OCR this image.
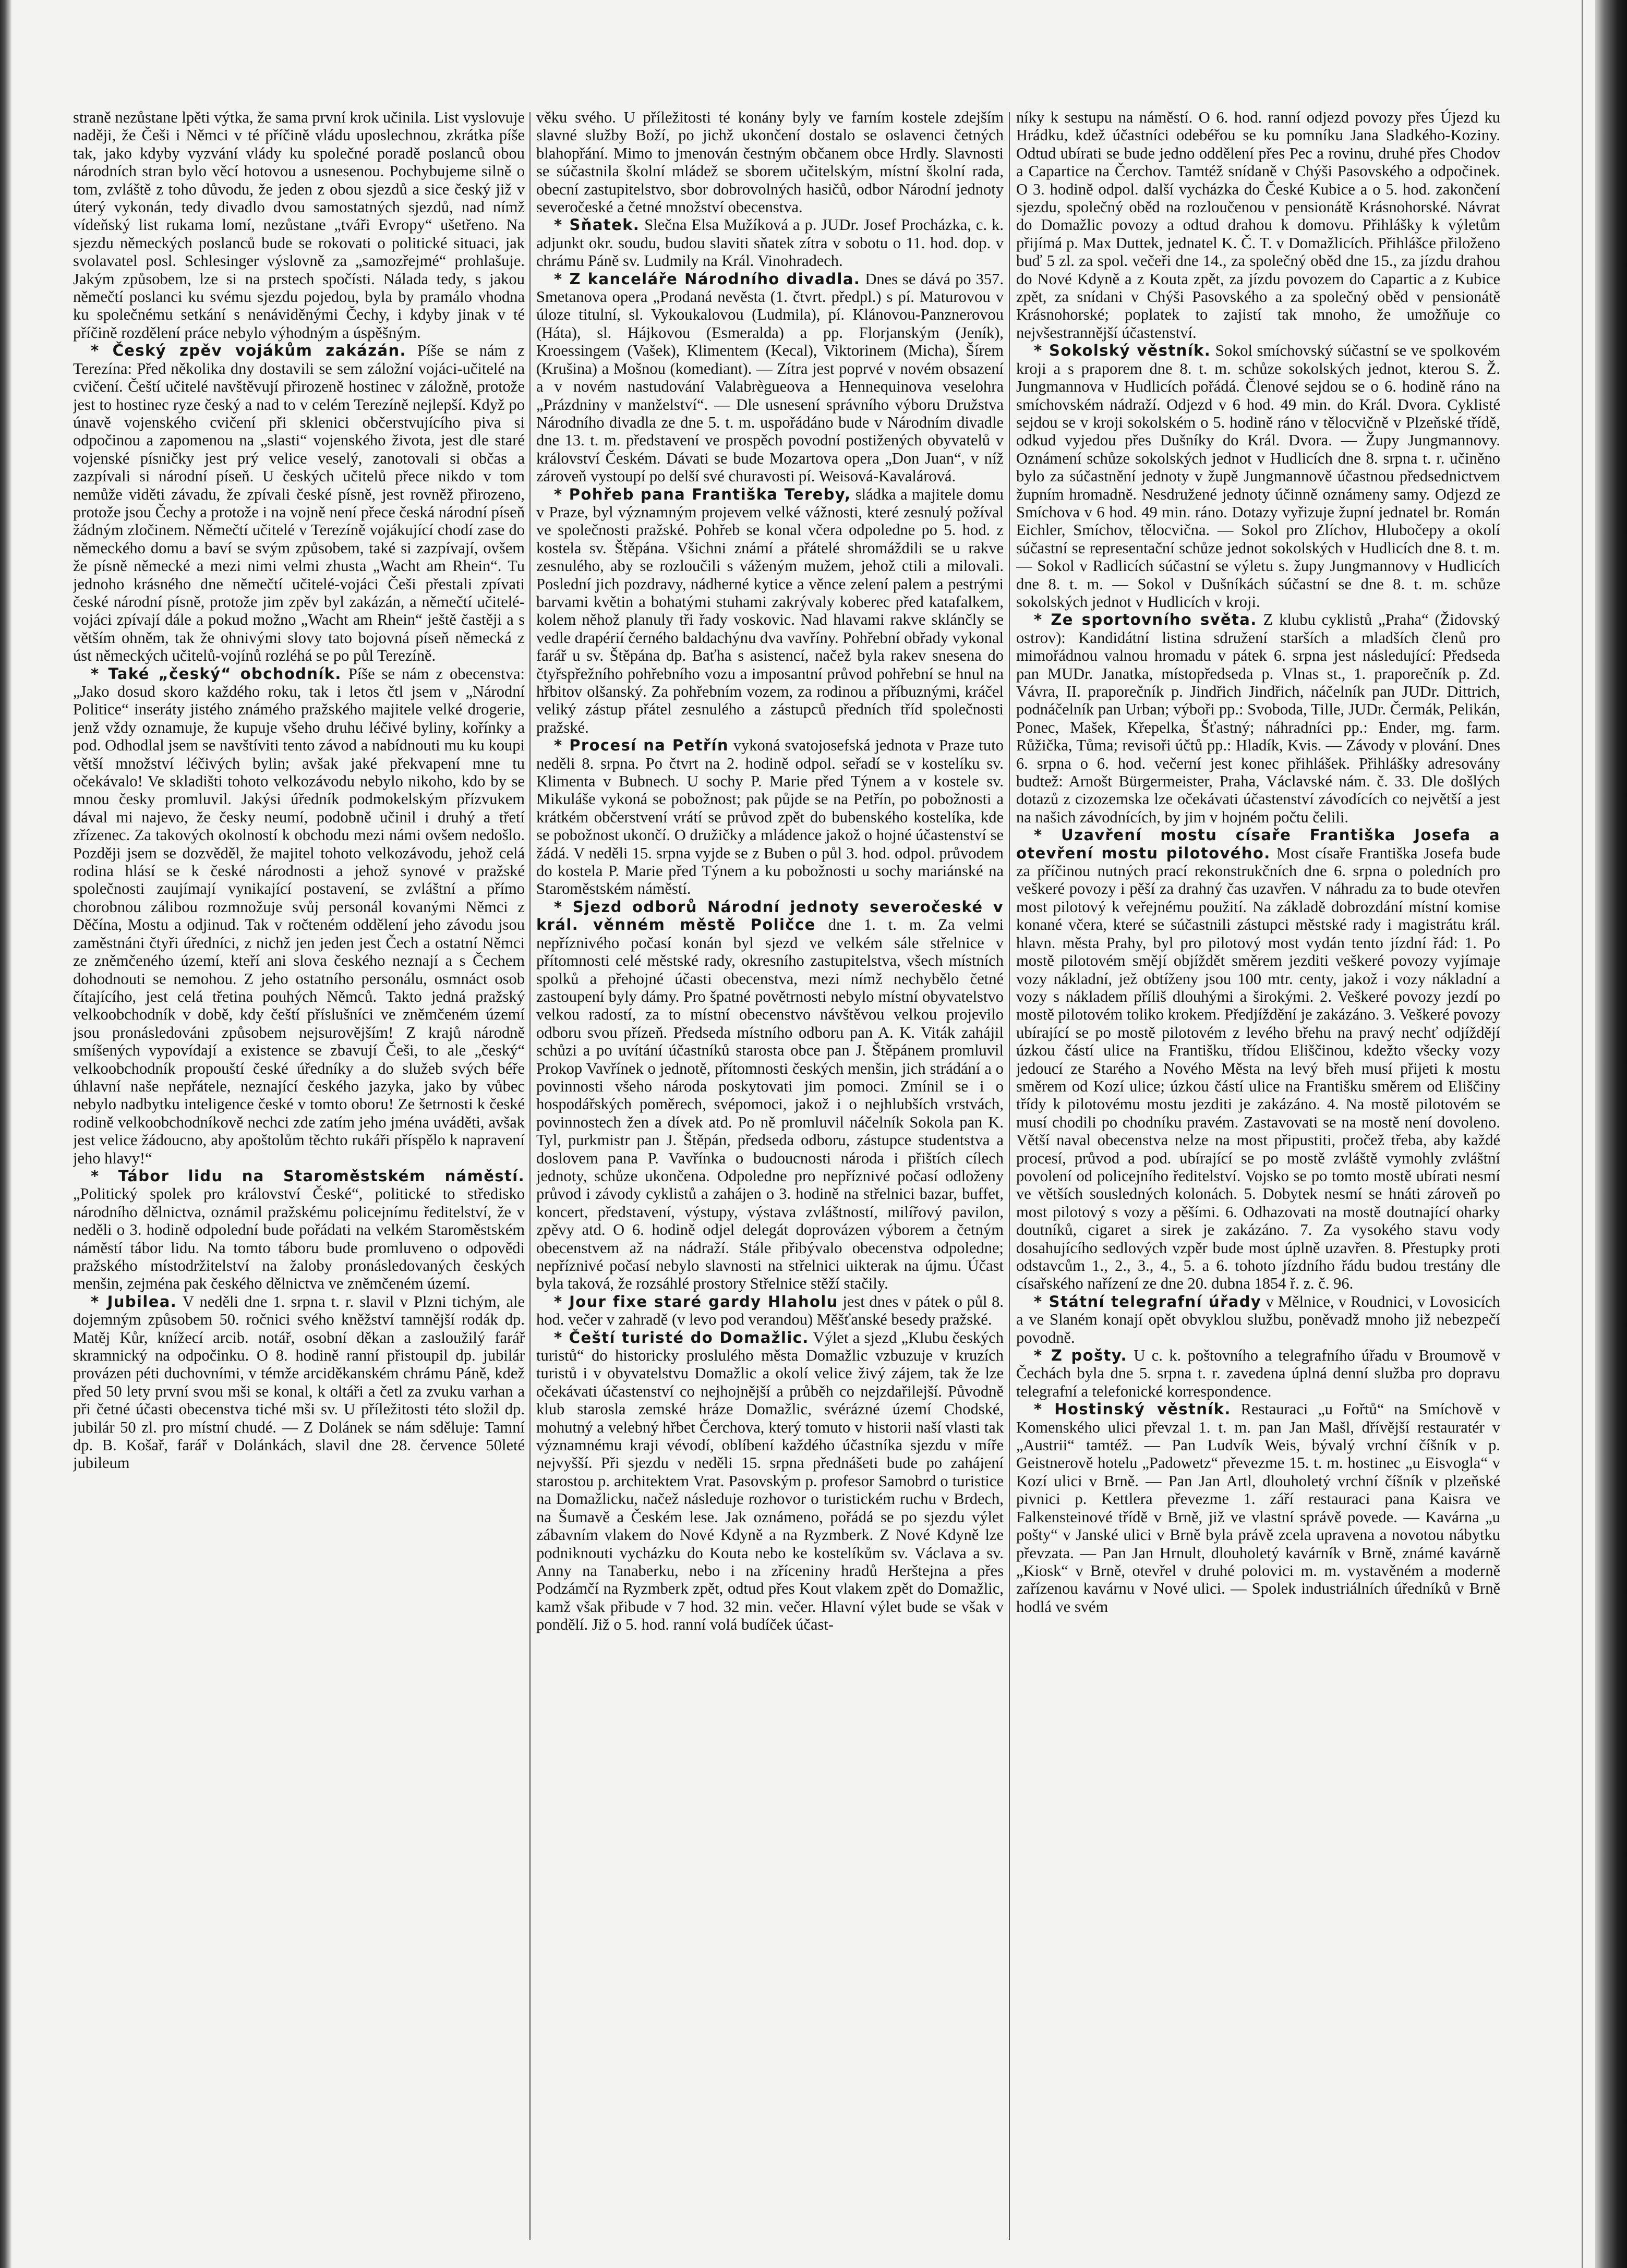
straně nezůstane lpěti výtka, že sama první krok učinila. List vyslovuje naději, že Češi i Němci v té příčině vládu uposlechnou, zkrátka píše tak, jako kdyby vyzvání vlády ku společné poradě poslanců obou národních stran bylo věcí hotovou a usnesenou. Pochybujeme silně o tom, zvláště z toho důvodu, že jeden z obou sjezdů a sice český již v úterý vykonán, tedy divadlo dvou samostatných sjezdů, nad nímž vídeňský list rukama lomí, nezůstane „tváři Evropy“ ušetřeno. Na sjezdu německých poslanců bude se rokovati o politické situaci, jak svolavatel posl. Schlesinger výslovně za „samozřejmé“ prohlašuje. Jakým způsobem, lze si na prstech spočísti. Nálada tedy, s jakou němečtí poslanci ku svému sjezdu pojedou, byla by pramálo vhodna ku společnému setkání s nenáviděnými Čechy, i kdyby jinak v té příčině rozdělení práce nebylo výhodným a úspěšným.

* Český zpěv vojákům zakázán. Píše se nám z Terezína: Před několika dny dostavili se sem záložní vojáci-učitelé na cvičení. Čeští učitelé navštěvují přirozeně hostinec v záložně, protože jest to hostinec ryze český a nad to v celém Terezíně nejlepší. Když po únavě vojenského cvičení při sklenici občerstvujícího piva si odpočinou a zapomenou na „slasti“ vojenského života, jest dle staré vojenské písničky jest prý velice veselý, zanotovali si občas a zazpívali si národní píseň. U českých učitelů přece nikdo v tom nemůže viděti závadu, že zpívali české písně, jest rovněž přirozeno, protože jsou Čechy a protože i na vojně není přece česká národní píseň žádným zločinem. Němečtí učitelé v Terezíně vojákující chodí zase do německého domu a baví se svým způsobem, také si zazpívají, ovšem že písně německé a mezi nimi velmi zhusta „Wacht am Rhein“. Tu jednoho krásného dne němečtí učitelé-vojáci Češi přestali zpívati české národní písně, protože jim zpěv byl zakázán, a němečtí učitelé-vojáci zpívají dále a pokud možno „Wacht am Rhein“ ještě častěji a s větším ohněm, tak že ohnivými slovy tato bojovná píseň německá z úst německých učitelů-vojínů rozléhá se po půl Terezíně.

* Také „český“ obchodník. Píše se nám z obecenstva: „Jako dosud skoro každého roku, tak i letos čtl jsem v „Národní Politice“ inseráty jistého známého pražského majitele velké drogerie, jenž vždy oznamuje, že kupuje všeho druhu léčivé byliny, kořínky a pod. Odhodlal jsem se navštíviti tento závod a nabídnouti mu ku koupi větší množství léčivých bylin; avšak jaké překvapení mne tu očekávalo! Ve skladišti tohoto velkozávodu nebylo nikoho, kdo by se mnou česky promluvil. Jakýsi úředník podmokelským přízvukem dával mi najevo, že česky neumí, podobně učinil i druhý a třetí zřízenec. Za takových okolností k obchodu mezi námi ovšem nedošlo. Později jsem se dozvěděl, že majitel tohoto velkozávodu, jehož celá rodina hlásí se k české národnosti a jehož synové v pražské společnosti zaujímají vynikající postavení, se zvláštní a přímo chorobnou zálibou rozmnožuje svůj personál kovanými Němci z Děčína, Mostu a odjinud. Tak v ročteném oddělení jeho závodu jsou zaměstnáni čtyři úředníci, z nichž jen jeden jest Čech a ostatní Němci ze zněmčeného území, kteří ani slova českého neznají a s Čechem dohodnouti se nemohou. Z jeho ostatního personálu, osmnáct osob čítajícího, jest celá třetina pouhých Němců. Takto jedná pražský velkoobchodník v době, kdy čeští příslušníci ve zněmčeném území jsou pronásledováni způsobem nejsurovějším! Z krajů národně smíšených vypovídají a existence se zbavují Češi, to ale „český“ velkoobchodník propouští české úředníky a do služeb svých béře úhlavní naše nepřátele, neznající českého jazyka, jako by vůbec nebylo nadbytku inteligence české v tomto oboru! Ze šetrnosti k české rodině velkoobchodníkově nechci zde zatím jeho jména uváděti, avšak jest velice žádoucno, aby apoštolům těchto rukáři příspělo k napravení jeho hlavy!“

* Tábor lidu na Staroměstském náměstí. „Politický spolek pro království České“, politické to středisko národního dělnictva, oznámil pražskému policejnímu ředitelství, že v neděli o 3. hodině odpolední bude pořádati na velkém Staroměstském náměstí tábor lidu. Na tomto táboru bude promluveno o odpovědi pražského místodržitelství na žaloby pronásledovaných českých menšin, zejména pak českého dělnictva ve zněmčeném území.

* Jubilea. V neděli dne 1. srpna t. r. slavil v Plzni tichým, ale dojemným způsobem 50. ročnici svého kněžství tamnější rodák dp. Matěj Kůr, knížecí arcib. notář, osobní děkan a zasloužilý farář skramnický na odpočinku. O 8. hodině ranní přistoupil dp. jubilár provázen péti duchovními, v témže arciděkanském chrámu Páně, kdež před 50 lety první svou mši se konal, k oltáři a četl za zvuku varhan a při četné účasti obecenstva tiché mši sv. U příležitosti této složil dp. jubilár 50 zl. pro místní chudé. — Z Dolánek se nám sděluje: Tamní dp. B. Košař, farář v Dolánkách, slavil dne 28. července 50leté jubileum

věku svého. U příležitosti té konány byly ve farním kostele zdejším slavné služby Boží, po jichž ukončení dostalo se oslavenci četných blahopřání. Mimo to jmenován čestným občanem obce Hrdly. Slavnosti se súčastnila školní mládež se sborem učitelským, místní školní rada, obecní zastupitelstvo, sbor dobrovolných hasičů, odbor Národní jednoty severočeské a četné množství obecenstva.

* Sňatek. Slečna Elsa Mužíková a p. JUDr. Josef Procházka, c. k. adjunkt okr. soudu, budou slaviti sňatek zítra v sobotu o 11. hod. dop. v chrámu Páně sv. Ludmily na Král. Vinohradech.

* Z kanceláře Národního divadla. Dnes se dává po 357. Smetanova opera „Prodaná nevěsta (1. čtvrt. předpl.) s pí. Maturovou v úloze titulní, sl. Vykoukalovou (Ludmila), pí. Klánovou-Panznerovou (Háta), sl. Hájkovou (Esmeralda) a pp. Florjanským (Jeník), Kroessingem (Vašek), Klimentem (Kecal), Viktorinem (Micha), Šírem (Krušina) a Mošnou (komediant). — Zítra jest poprvé v novém obsazení a v novém nastudování Valabrègueova a Hennequinova veselohra „Prázdniny v manželství“. — Dle usnesení správního výboru Družstva Národního divadla ze dne 5. t. m. uspořádáno bude v Národním divadle dne 13. t. m. představení ve prospěch povodní postižených obyvatelů v království Českém. Dávati se bude Mozartova opera „Don Juan“, v níž zároveň vystoupí po delší své churavosti pí. Weisová-Kavalárová.

* Pohřeb pana Františka Tereby, sládka a majitele domu v Praze, byl významným projevem velké vážnosti, které zesnulý požíval ve společnosti pražské. Pohřeb se konal včera odpoledne po 5. hod. z kostela sv. Štěpána. Všichni známí a přátelé shromáždili se u rakve zesnulého, aby se rozloučili s váženým mužem, jehož ctili a milovali. Poslední jich pozdravy, nádherné kytice a věnce zelení palem a pestrými barvami květin a bohatými stuhami zakrývaly koberec před katafalkem, kolem něhož planuly tři řady voskovic. Nad hlavami rakve sklánčly se vedle drapérií černého baldachýnu dva vavříny. Pohřební obřady vykonal farář u sv. Štěpána dp. Baťha s asistencí, načež byla rakev snesena do čtyřspřežního pohřebního vozu a imposantní průvod pohřební se hnul na hřbitov olšanský. Za pohřebním vozem, za rodinou a příbuznými, kráčel veliký zástup přátel zesnulého a zástupců předních tříd společnosti pražské.

* Procesí na Petřín vykoná svatojosefská jednota v Praze tuto neděli 8. srpna. Po čtvrt na 2. hodině odpol. seřadí se v kostelíku sv. Klimenta v Bubnech. U sochy P. Marie před Týnem a v kostele sv. Mikuláše vykoná se pobožnost; pak půjde se na Petřín, po pobožnosti a krátkém občerstvení vrátí se průvod zpět do bubenského kostelíka, kde se pobožnost ukončí. O družičky a mládence jakož o hojné účastenství se žádá. V neděli 15. srpna vyjde se z Buben o půl 3. hod. odpol. průvodem do kostela P. Marie před Týnem a ku pobožnosti u sochy mariánské na Staroměstském náměstí.

* Sjezd odborů Národní jednoty severočeské v král. věnném městě Poličce dne 1. t. m. Za velmi nepříznivého počasí konán byl sjezd ve velkém sále střelnice v přítomnosti celé městské rady, okresního zastupitelstva, všech místních spolků a přehojné účasti obecenstva, mezi nímž nechybělo četné zastoupení byly dámy. Pro špatné povětrnosti nebylo místní obyvatelstvo velkou radostí, za to místní obecenstvo návštěvou velkou projevilo odboru svou přízeň. Předseda místního odboru pan A. K. Viták zahájil schůzi a po uvítání účastníků starosta obce pan J. Štěpánem promluvil Prokop Vavřínek o jednotě, přítomnosti českých menšin, jich strádání a o povinnosti všeho národa poskytovati jim pomoci. Zmínil se i o hospodářských poměrech, svépomoci, jakož i o nejhlubších vrstvách, povinnostech žen a dívek atd. Po ně promluvil náčelník Sokola pan K. Tyl, purkmistr pan J. Štěpán, předseda odboru, zástupce studentstva a doslovem pana P. Vavřínka o budoucnosti národa i přištích cílech jednoty, schůze ukončena. Odpoledne pro nepříznivé počasí odloženy průvod i závody cyklistů a zahájen o 3. hodině na střelnici bazar, buffet, koncert, představení, výstupy, výstava zvláštností, milířový pavilon, zpěvy atd. O 6. hodině odjel delegát doprovázen výborem a četným obecenstvem až na nádraží. Stále přibývalo obecenstva odpoledne; nepříznivé počasí nebylo slavnosti na střelnici uikterak na újmu. Účast byla taková, že rozsáhlé prostory Střelnice stěží stačily.

* Jour fixe staré gardy Hlaholu jest dnes v pátek o půl 8. hod. večer v zahradě (v levo pod verandou) Měšťanské besedy pražské.

* Čeští turisté do Domažlic. Výlet a sjezd „Klubu českých turistů“ do historicky proslulého města Domažlic vzbuzuje v kruzích turistů i v obyvatelstvu Domažlic a okolí velice živý zájem, tak že lze očekávati účastenství co nejhojnější a průběh co nejzdařilejší. Původně klub starosla zemské hráze Domažlic, svérázné území Chodské, mohutný a velebný hřbet Čerchova, který tomuto v historii naší vlasti tak významnému kraji vévodí, oblíbení každého účastníka sjezdu v míře nejvyšší. Při sjezdu v neděli 15. srpna přednášeti bude po zahájení starostou p. architektem Vrat. Pasovským p. profesor Samobrd o turistice na Domažlicku, načež následuje rozhovor o turistickém ruchu v Brdech, na Šumavě a Českém lese. Jak oznámeno, pořádá se po sjezdu výlet zábavním vlakem do Nové Kdyně a na Ryzmberk. Z Nové Kdyně lze podniknouti vycházku do Kouta nebo ke kostelíkům sv. Václava a sv. Anny na Tanaberku, nebo i na zříceniny hradů Herštejna a přes Podzámčí na Ryzmberk zpět, odtud přes Kout vlakem zpět do Domažlic, kamž však přibude v 7 hod. 32 min. večer. Hlavní výlet bude se však v pondělí. Již o 5. hod. ranní volá budíček účast-

níky k sestupu na náměstí. O 6. hod. ranní odjezd povozy přes Újezd ku Hrádku, kdež účastníci odebéřou se ku pomníku Jana Sladkého-Koziny. Odtud ubírati se bude jedno oddělení přes Pec a rovinu, druhé přes Chodov a Capartice na Čerchov. Tamtéž snídaně v Chýši Pasovského a odpočinek. O 3. hodině odpol. další vycházka do České Kubice a o 5. hod. zakončení sjezdu, společný oběd na rozloučenou v pensionátě Krásnohorské. Návrat do Domažlic povozy a odtud drahou k domovu. Přihlášky k výletům přijímá p. Max Duttek, jednatel K. Č. T. v Domažlicích. Přihlášce přiloženo buď 5 zl. za spol. večeři dne 14., za společný oběd dne 15., za jízdu drahou do Nové Kdyně a z Kouta zpět, za jízdu povozem do Capartic a z Kubice zpět, za snídani v Chýši Pasovského a za společný oběd v pensionátě Krásnohorské; poplatek to zajistí tak mnoho, že umožňuje co nejvšestrannější účastenství.

* Sokolský věstník. Sokol smíchovský súčastní se ve spolkovém kroji a s praporem dne 8. t. m. schůze sokolských jednot, kterou S. Ž. Jungmannova v Hudlicích pořádá. Členové sejdou se o 6. hodině ráno na smíchovském nádraží. Odjezd v 6 hod. 49 min. do Král. Dvora. Cyklisté sejdou se v kroji sokolském o 5. hodině ráno v tělocvičně v Plzeňské třídě, odkud vyjedou přes Dušníky do Král. Dvora. — Župy Jungmannovy. Oznámení schůze sokolských jednot v Hudlicích dne 8. srpna t. r. učiněno bylo za súčastnění jednoty v župě Jungmannově účastnou předsednictvem župním hromadně. Nesdružené jednoty účinně oznámeny samy. Odjezd ze Smíchova v 6 hod. 49 min. ráno. Dotazy vyřizuje župní jednatel br. Román Eichler, Smíchov, tělocvična. — Sokol pro Zlíchov, Hlubočepy a okolí súčastní se representační schůze jednot sokolských v Hudlicích dne 8. t. m. — Sokol v Radlicích súčastní se výletu s. župy Jungmannovy v Hudlicích dne 8. t. m. — Sokol v Dušníkách súčastní se dne 8. t. m. schůze sokolských jednot v Hudlicích v kroji.

* Ze sportovního světa. Z klubu cyklistů „Praha“ (Židovský ostrov): Kandidátní listina sdružení starších a mladších členů pro mimořádnou valnou hromadu v pátek 6. srpna jest následující: Předseda pan MUDr. Janatka, místopředseda p. Vlnas st., 1. praporečník p. Zd. Vávra, II. praporečník p. Jindřich Jindřich, náčelník pan JUDr. Dittrich, podnáčelník pan Urban; výboři pp.: Svoboda, Tille, JUDr. Čermák, Pelikán, Ponec, Mašek, Křepelka, Šťastný; náhradníci pp.: Ender, mg. farm. Růžička, Tůma; revisoři účtů pp.: Hladík, Kvis. — Závody v plování. Dnes 6. srpna o 6. hod. večerní jest konec přihlášek. Přihlášky adresovány budtež: Arnošt Bürgermeister, Praha, Václavské nám. č. 33. Dle došlých dotazů z cizozemska lze očekávati účastenství závodících co největší a jest na našich závodnících, by jim v hojném počtu čelili.

* Uzavření mostu císaře Františka Josefa a otevření mostu pilotového. Most císaře Františka Josefa bude za příčinou nutných prací rekonstrukčních dne 6. srpna o poledních pro veškeré povozy i pěší za drahný čas uzavřen. V náhradu za to bude otevřen most pilotový k veřejnému použití. Na základě dobrozdání místní komise konané včera, které se súčastnili zástupci městské rady i magistrátu král. hlavn. města Prahy, byl pro pilotový most vydán tento jízdní řád: 1. Po mostě pilotovém smějí objíždět směrem jezditi veškeré povozy vyjímaje vozy nákladní, jež obtíženy jsou 100 mtr. centy, jakož i vozy nákladní a vozy s nákladem příliš dlouhými a širokými. 2. Veškeré povozy jezdí po mostě pilotovém toliko krokem. Předjíždění je zakázáno. 3. Veškeré povozy ubírající se po mostě pilotovém z levého břehu na pravý nechť odjíždějí úzkou částí ulice na Františku, třídou Eliščinou, kdežto všecky vozy jedoucí ze Starého a Nového Města na levý břeh musí přijeti k mostu směrem od Kozí ulice; úzkou částí ulice na Františku směrem od Eliščiny třídy k pilotovému mostu jezditi je zakázáno. 4. Na mostě pilotovém se musí chodili po chodníku pravém. Zastavovati se na mostě není dovoleno. Větší naval obecenstva nelze na most připustiti, pročež třeba, aby každé procesí, průvod a pod. ubírající se po mostě zvláště vymohly zvláštní povolení od policejního ředitelství. Vojsko se po tomto mostě ubírati nesmí ve větších sousledných kolonách. 5. Dobytek nesmí se hnáti zároveň po most pilotový s vozy a pěšími. 6. Odhazovati na mostě doutnající oharky doutníků, cigaret a sirek je zakázáno. 7. Za vysokého stavu vody dosahujícího sedlových vzpěr bude most úplně uzavřen. 8. Přestupky proti odstavcům 1., 2., 3., 4., 5. a 6. tohoto jízdního řádu budou trestány dle císařského nařízení ze dne 20. dubna 1854 ř. z. č. 96.

* Státní telegrafní úřady v Mělnice, v Roudnici, v Lovosicích a ve Slaném konají opět obvyklou službu, poněvadž mnoho již nebezpečí povodně.

* Z pošty. U c. k. poštovního a telegrafního úřadu v Broumově v Čechách byla dne 5. srpna t. r. zavedena úplná denní služba pro dopravu telegrafní a telefonické korrespondence.

* Hostinský věstník. Restauraci „u Fořtů“ na Smíchově v Komenského ulici převzal 1. t. m. pan Jan Mašl, dřívější restauratér v „Austrii“ tamtéž. — Pan Ludvík Weis, bývalý vrchní číšník v p. Geistnerově hotelu „Padowetz“ převezme 15. t. m. hostinec „u Eisvogla“ v Kozí ulici v Brně. — Pan Jan Artl, dlouholetý vrchní číšník v plzeňské pivnici p. Kettlera převezme 1. září restauraci pana Kaisra ve Falkensteinové třídě v Brně, již ve vlastní správě povede. — Kavárna „u pošty“ v Janské ulici v Brně byla právě zcela upravena a novotou nábytku převzata. — Pan Jan Hrnult, dlouholetý kavárník v Brně, známé kavárně „Kiosk“ v Brně, otevřel v druhé polovici m. m. vystavěném a moderně zařízenou kavárnu v Nové ulici. — Spolek industriálních úředníků v Brně hodlá ve svém
